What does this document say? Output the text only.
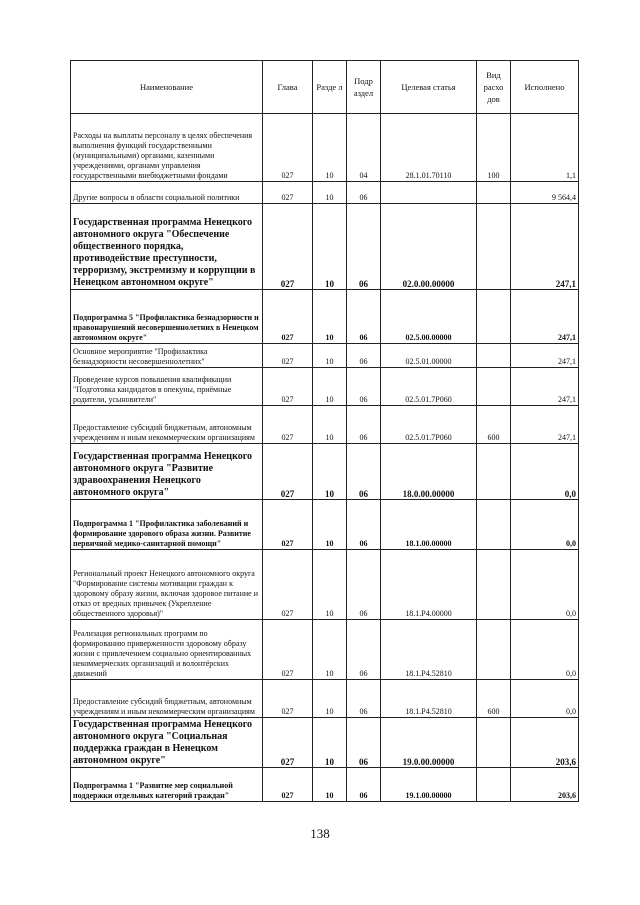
Наименование	Глава	Разде л	Подр аздел	Целевая статья	Вид расхо дов	Исполнено
Расходы на выплаты персоналу в целях обеспечения выполнения функций государственными (муниципальными) органами, казенными учреждениями, органами управления государственными внебюджетными фондами	027	10	04	28.1.01.70110	100	1,1
Другие вопросы в области социальной политики	027	10	06			9 564,4
Государственная программа Ненецкого автономного округа "Обеспечение общественного порядка, противодействие преступности, терроризму, экстремизму и коррупции в Ненецком автономном округе"	027	10	06	02.0.00.00000		247,1
Подпрограмма 5 "Профилактика безнадзорности и правонарушений несовершеннолетних в Ненецком автономном округе"	027	10	06	02.5.00.00000		247,1
Основное мероприятие "Профилактика безнадзорности несовершеннолетних"	027	10	06	02.5.01.00000		247,1
Проведение курсов повышения квалификации "Подготовка кандидатов в опекуны, приёмные родители, усыновители"	027	10	06	02.5.01.7Р060		247,1
Предоставление субсидий бюджетным, автономным учреждениям и иным некоммерческим организациям	027	10	06	02.5.01.7Р060	600	247,1
Государственная программа Ненецкого автономного округа "Развитие здравоохранения Ненецкого автономного округа"	027	10	06	18.0.00.00000		0,0
Подпрограмма 1 "Профилактика заболеваний и формирование здорового образа жизни. Развитие первичной медико-санитарной помощи"	027	10	06	18.1.00.00000		0,0
Региональный проект Ненецкого автономного округа "Формирование системы мотивации граждан к здоровому образу жизни, включая здоровое питание и отказ от вредных привычек (Укрепление общественного здоровья)"	027	10	06	18.1.Р4.00000		0,0
Реализация региональных программ по формированию приверженности здоровому образу жизни с привлечением социально ориентированных некоммерческих организаций и волонтёрских движений	027	10	06	18.1.Р4.52810		0,0
Предоставление субсидий бюджетным, автономным учреждениям и иным некоммерческим организациям	027	10	06	18.1.Р4.52810	600	0,0
Государственная программа Ненецкого автономного округа "Социальная поддержка граждан в Ненецком автономном округе"	027	10	06	19.0.00.00000		203,6
Подпрограмма 1 "Развитие мер социальной поддержки отдельных категорий граждан"	027	10	06	19.1.00.00000		203,6
138
